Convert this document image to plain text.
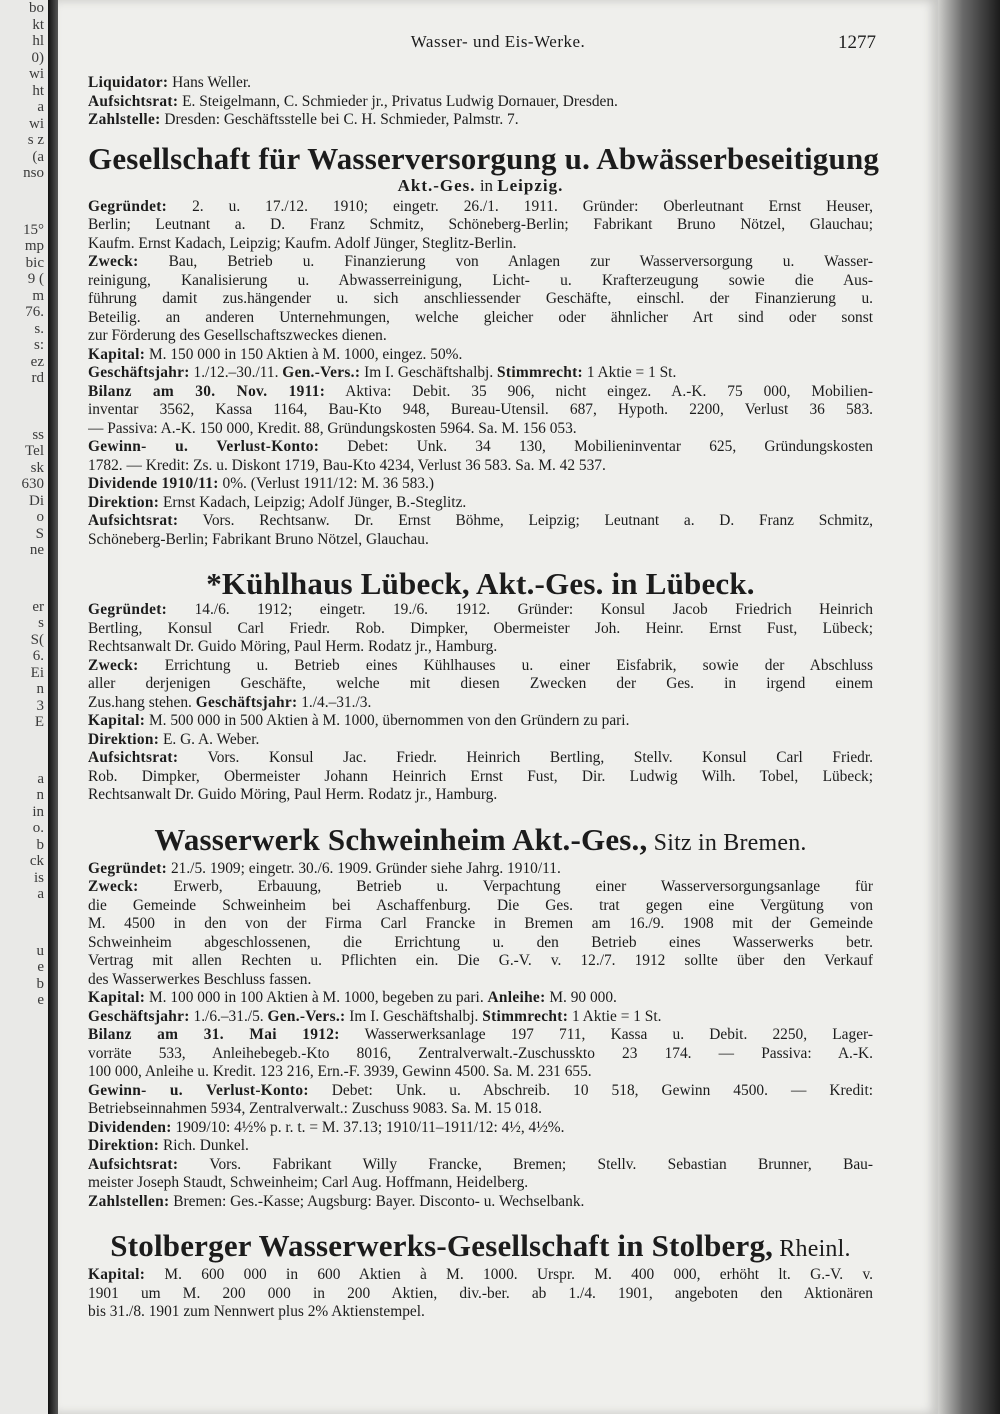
bo
kt
hl
0)
wi
ht
a
wi
s z
(a
nso
15°
mp
bic
9 (
m
76.
s.
s:
ez
rd
ss
Tel
sk
630
Di
o
S
ne
er
s
S(
6.
Ei
n
3
E
a
n
in
o.
b
ck
is
a
u
e
b
e
Wasser- und Eis-Werke.	1277
Liquidator: Hans Weller.
Aufsichtsrat: E. Steigelmann, C. Schmieder jr., Privatus Ludwig Dornauer, Dresden.
Zahlstelle: Dresden: Geschäftsstelle bei C. H. Schmieder, Palmstr. 7.
Gesellschaft für Wasserversorgung u. Abwässerbeseitigung
Akt.-Ges. in Leipzig.
Gegründet: 2. u. 17./12. 1910; eingetr. 26./1. 1911. Gründer: Oberleutnant Ernst Heuser,
Berlin; Leutnant a. D. Franz Schmitz, Schöneberg-Berlin; Fabrikant Bruno Nötzel, Glauchau;
Kaufm. Ernst Kadach, Leipzig; Kaufm. Adolf Jünger, Steglitz-Berlin.
Zweck: Bau, Betrieb u. Finanzierung von Anlagen zur Wasserversorgung u. Wasser-
reinigung, Kanalisierung u. Abwasserreinigung, Licht- u. Krafterzeugung sowie die Aus-
führung damit zus.hängender u. sich anschliessender Geschäfte, einschl. der Finanzierung u.
Beteilig. an anderen Unternehmungen, welche gleicher oder ähnlicher Art sind oder sonst
zur Förderung des Gesellschaftszweckes dienen.
Kapital: M. 150 000 in 150 Aktien à M. 1000, eingez. 50%.
Geschäftsjahr: 1./12.–30./11. Gen.-Vers.: Im I. Geschäftshalbj. Stimmrecht: 1 Aktie = 1 St.
Bilanz am 30. Nov. 1911: Aktiva: Debit. 35 906, nicht eingez. A.-K. 75 000, Mobilien-
inventar 3562, Kassa 1164, Bau-Kto 948, Bureau-Utensil. 687, Hypoth. 2200, Verlust 36 583.
— Passiva: A.-K. 150 000, Kredit. 88, Gründungskosten 5964. Sa. M. 156 053.
Gewinn- u. Verlust-Konto: Debet: Unk. 34 130, Mobilieninventar 625, Gründungskosten
1782. — Kredit: Zs. u. Diskont 1719, Bau-Kto 4234, Verlust 36 583. Sa. M. 42 537.
Dividende 1910/11: 0%. (Verlust 1911/12: M. 36 583.)
Direktion: Ernst Kadach, Leipzig; Adolf Jünger, B.-Steglitz.
Aufsichtsrat: Vors. Rechtsanw. Dr. Ernst Böhme, Leipzig; Leutnant a. D. Franz Schmitz,
Schöneberg-Berlin; Fabrikant Bruno Nötzel, Glauchau.
*Kühlhaus Lübeck, Akt.-Ges. in Lübeck.
Gegründet: 14./6. 1912; eingetr. 19./6. 1912. Gründer: Konsul Jacob Friedrich Heinrich
Bertling, Konsul Carl Friedr. Rob. Dimpker, Obermeister Joh. Heinr. Ernst Fust, Lübeck;
Rechtsanwalt Dr. Guido Möring, Paul Herm. Rodatz jr., Hamburg.
Zweck: Errichtung u. Betrieb eines Kühlhauses u. einer Eisfabrik, sowie der Abschluss
aller derjenigen Geschäfte, welche mit diesen Zwecken der Ges. in irgend einem
Zus.hang stehen. Geschäftsjahr: 1./4.–31./3.
Kapital: M. 500 000 in 500 Aktien à M. 1000, übernommen von den Gründern zu pari.
Direktion: E. G. A. Weber.
Aufsichtsrat: Vors. Konsul Jac. Friedr. Heinrich Bertling, Stellv. Konsul Carl Friedr.
Rob. Dimpker, Obermeister Johann Heinrich Ernst Fust, Dir. Ludwig Wilh. Tobel, Lübeck;
Rechtsanwalt Dr. Guido Möring, Paul Herm. Rodatz jr., Hamburg.
Wasserwerk Schweinheim Akt.-Ges., Sitz in Bremen.
Gegründet: 21./5. 1909; eingetr. 30./6. 1909. Gründer siehe Jahrg. 1910/11.
Zweck: Erwerb, Erbauung, Betrieb u. Verpachtung einer Wasserversorgungsanlage für
die Gemeinde Schweinheim bei Aschaffenburg. Die Ges. trat gegen eine Vergütung von
M. 4500 in den von der Firma Carl Francke in Bremen am 16./9. 1908 mit der Gemeinde
Schweinheim abgeschlossenen, die Errichtung u. den Betrieb eines Wasserwerks betr.
Vertrag mit allen Rechten u. Pflichten ein. Die G.-V. v. 12./7. 1912 sollte über den Verkauf
des Wasserwerkes Beschluss fassen.
Kapital: M. 100 000 in 100 Aktien à M. 1000, begeben zu pari. Anleihe: M. 90 000.
Geschäftsjahr: 1./6.–31./5. Gen.-Vers.: Im I. Geschäftshalbj. Stimmrecht: 1 Aktie = 1 St.
Bilanz am 31. Mai 1912: Wasserwerksanlage 197 711, Kassa u. Debit. 2250, Lager-
vorräte 533, Anleihebegeb.-Kto 8016, Zentralverwalt.-Zuschusskto 23 174. — Passiva: A.-K.
100 000, Anleihe u. Kredit. 123 216, Ern.-F. 3939, Gewinn 4500. Sa. M. 231 655.
Gewinn- u. Verlust-Konto: Debet: Unk. u. Abschreib. 10 518, Gewinn 4500. — Kredit:
Betriebseinnahmen 5934, Zentralverwalt.: Zuschuss 9083. Sa. M. 15 018.
Dividenden: 1909/10: 4½% p. r. t. = M. 37.13; 1910/11–1911/12: 4½, 4½%.
Direktion: Rich. Dunkel.
Aufsichtsrat: Vors. Fabrikant Willy Francke, Bremen; Stellv. Sebastian Brunner, Bau-
meister Joseph Staudt, Schweinheim; Carl Aug. Hoffmann, Heidelberg.
Zahlstellen: Bremen: Ges.-Kasse; Augsburg: Bayer. Disconto- u. Wechselbank.
Stolberger Wasserwerks-Gesellschaft in Stolberg, Rheinl.
Kapital: M. 600 000 in 600 Aktien à M. 1000. Urspr. M. 400 000, erhöht lt. G.-V. v.
1901 um M. 200 000 in 200 Aktien, div.-ber. ab 1./4. 1901, angeboten den Aktionären
bis 31./8. 1901 zum Nennwert plus 2% Aktienstempel.
